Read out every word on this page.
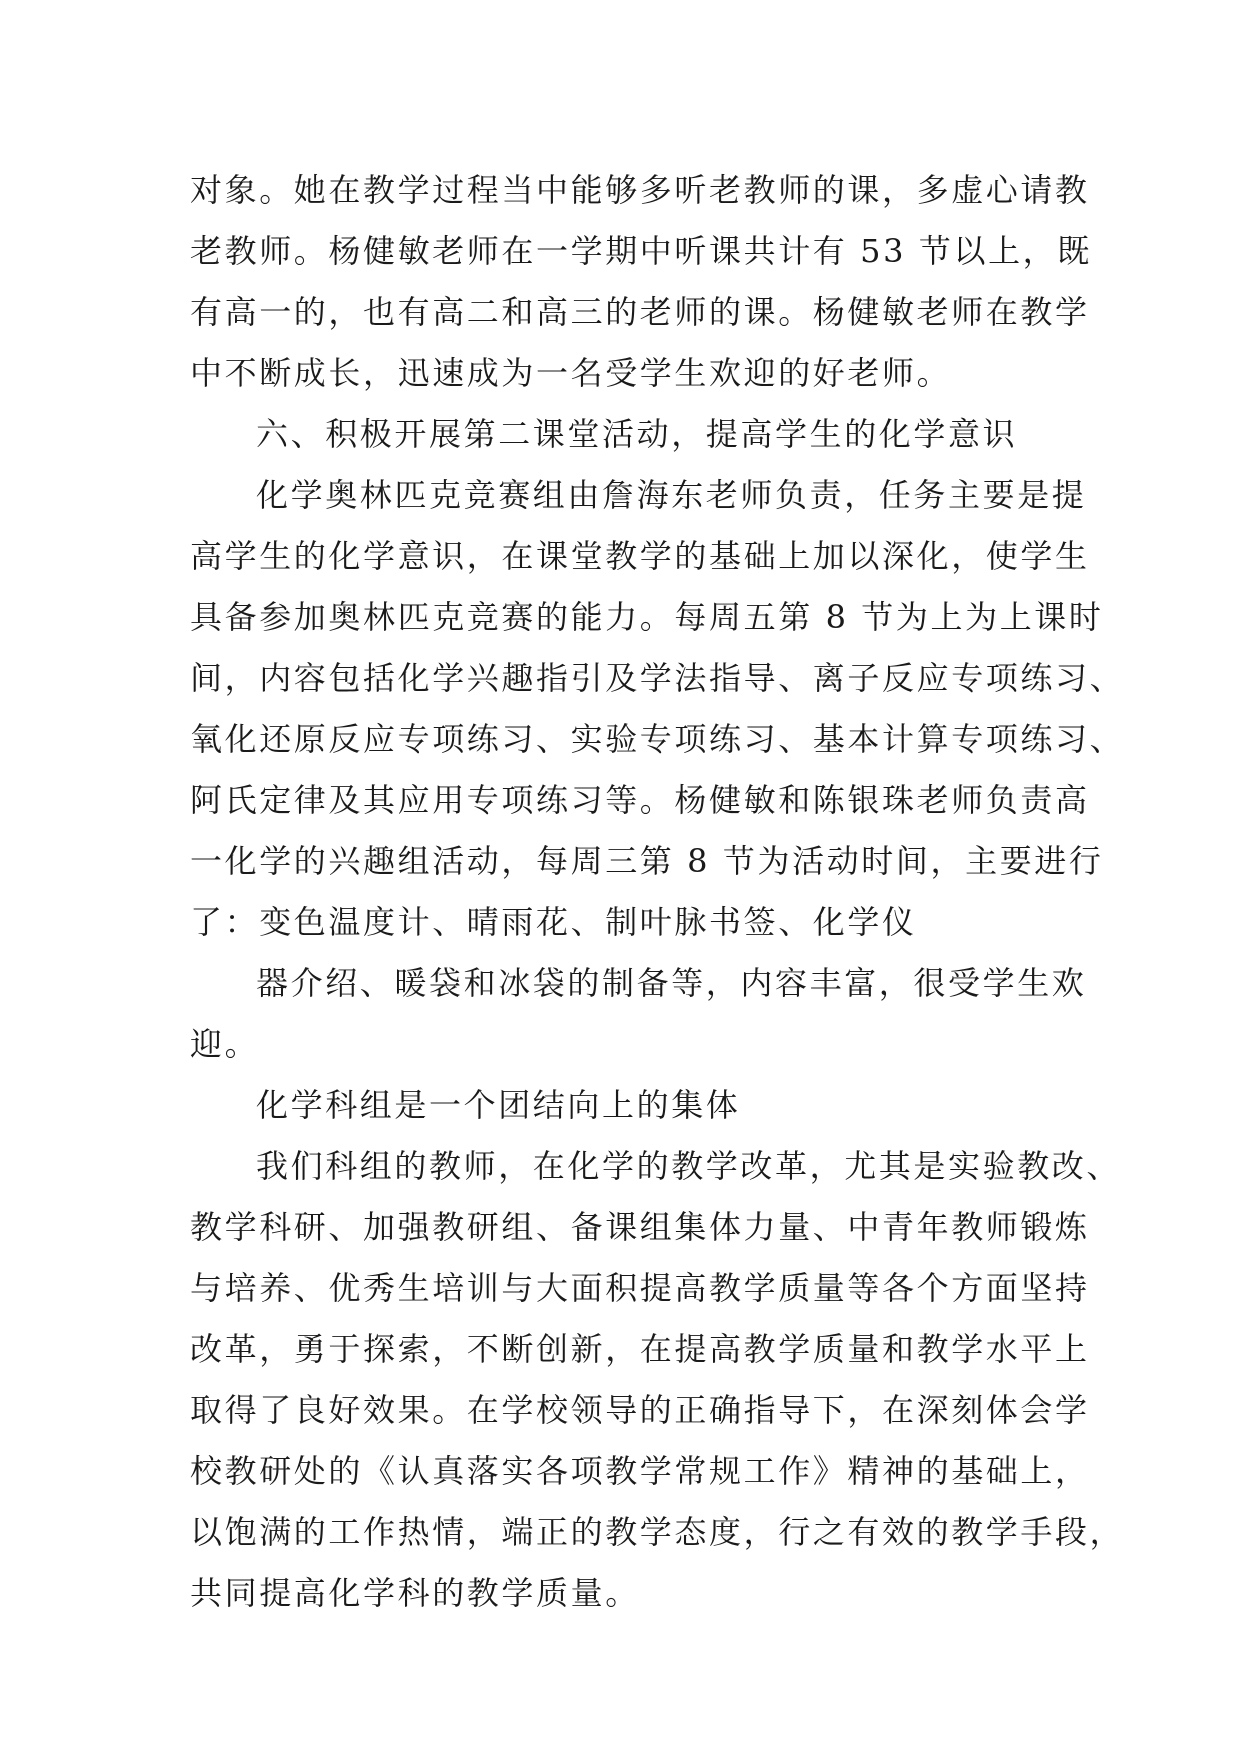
对象。她在教学过程当中能够多听老教师的课，多虚心请教
老教师。杨健敏老师在一学期中听课共计有 53 节以上，既
有高一的，也有高二和高三的老师的课。杨健敏老师在教学
中不断成长，迅速成为一名受学生欢迎的好老师。
六、积极开展第二课堂活动，提高学生的化学意识
化学奥林匹克竞赛组由詹海东老师负责，任务主要是提
高学生的化学意识，在课堂教学的基础上加以深化，使学生
具备参加奥林匹克竞赛的能力。每周五第 8 节为上为上课时
间，内容包括化学兴趣指引及学法指导、离子反应专项练习、
氧化还原反应专项练习、实验专项练习、基本计算专项练习、
阿氏定律及其应用专项练习等。杨健敏和陈银珠老师负责高
一化学的兴趣组活动，每周三第 8 节为活动时间，主要进行
了：变色温度计、晴雨花、制叶脉书签、化学仪
器介绍、暖袋和冰袋的制备等，内容丰富，很受学生欢
迎。
化学科组是一个团结向上的集体
我们科组的教师，在化学的教学改革，尤其是实验教改、
教学科研、加强教研组、备课组集体力量、中青年教师锻炼
与培养、优秀生培训与大面积提高教学质量等各个方面坚持
改革，勇于探索，不断创新，在提高教学质量和教学水平上
取得了良好效果。在学校领导的正确指导下，在深刻体会学
校教研处的《认真落实各项教学常规工作》精神的基础上，
以饱满的工作热情，端正的教学态度，行之有效的教学手段，
共同提高化学科的教学质量。
